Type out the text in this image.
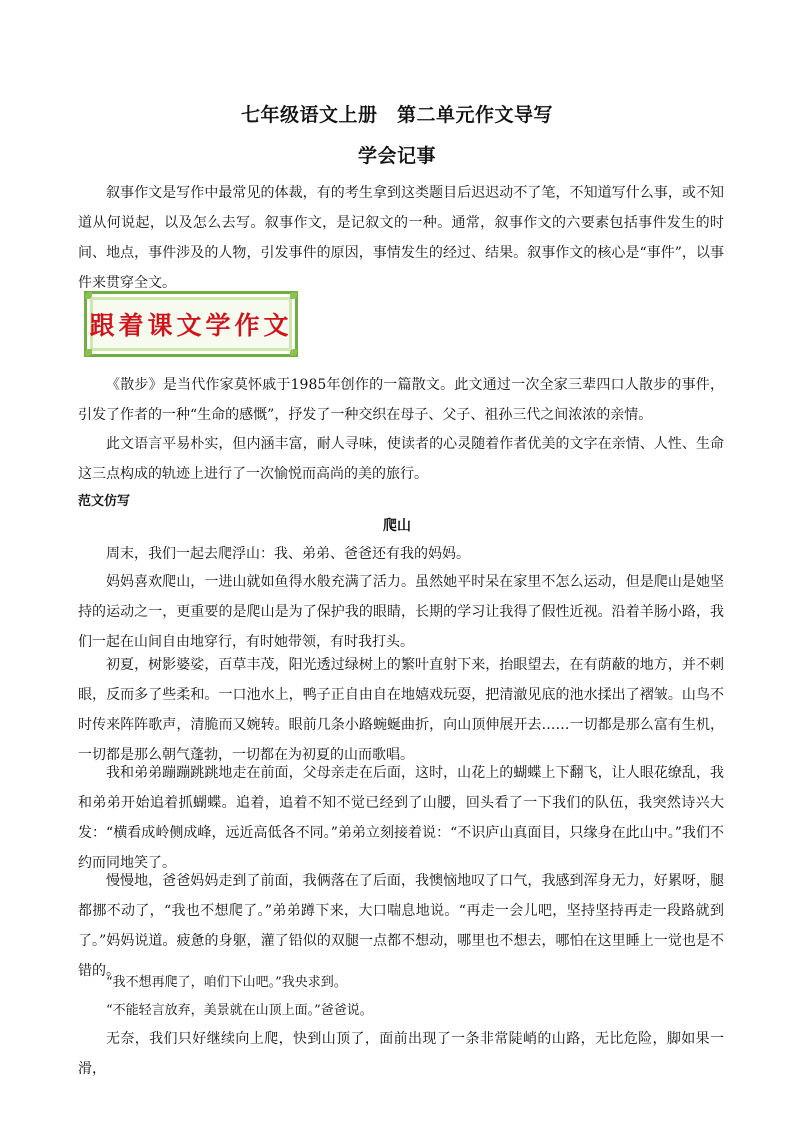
七年级语文上册　第二单元作文导写
学会记事

叙事作文是写作中最常见的体裁，有的考生拿到这类题目后迟迟动不了笔，不知道写什么事，或不知道从何说起，以及怎么去写。叙事作文，是记叙文的一种。通常，叙事作文的六要素包括事件发生的时间、地点，事件涉及的人物，引发事件的原因，事情发生的经过、结果。叙事作文的核心是“事件”，以事件来贯穿全文。

跟着课文学作文

《散步》是当代作家莫怀戚于1985年创作的一篇散文。此文通过一次全家三辈四口人散步的事件，引发了作者的一种“生命的感慨”，抒发了一种交织在母子、父子、祖孙三代之间浓浓的亲情。

此文语言平易朴实，但内涵丰富，耐人寻味，使读者的心灵随着作者优美的文字在亲情、人性、生命这三点构成的轨迹上进行了一次愉悦而高尚的美的旅行。

范文仿写
爬山

周末，我们一起去爬浮山：我、弟弟、爸爸还有我的妈妈。

妈妈喜欢爬山，一进山就如鱼得水般充满了活力。虽然她平时呆在家里不怎么运动，但是爬山是她坚持的运动之一，更重要的是爬山是为了保护我的眼睛，长期的学习让我得了假性近视。沿着羊肠小路，我们一起在山间自由地穿行，有时她带领，有时我打头。

初夏，树影婆娑，百草丰茂，阳光透过绿树上的繁叶直射下来，抬眼望去，在有荫蔽的地方，并不刺眼，反而多了些柔和。一口池水上，鸭子正自由自在地嬉戏玩耍，把清澈见底的池水揉出了褶皱。山鸟不时传来阵阵歌声，清脆而又婉转。眼前几条小路蜿蜒曲折，向山顶伸展开去……一切都是那么富有生机，一切都是那么朝气蓬勃，一切都在为初夏的山而歌唱。

我和弟弟蹦蹦跳跳地走在前面，父母亲走在后面，这时，山花上的蝴蝶上下翻飞，让人眼花缭乱，我和弟弟开始追着抓蝴蝶。追着，追着不知不觉已经到了山腰，回头看了一下我们的队伍，我突然诗兴大发：“横看成岭侧成峰，远近高低各不同。”弟弟立刻接着说：“不识庐山真面目，只缘身在此山中。”我们不约而同地笑了。

慢慢地，爸爸妈妈走到了前面，我俩落在了后面，我懊恼地叹了口气，我感到浑身无力，好累呀，腿都挪不动了，“我也不想爬了。”弟弟蹲下来，大口喘息地说。“再走一会儿吧，坚持坚持再走一段路就到了。”妈妈说道。疲惫的身躯，灌了铅似的双腿一点都不想动，哪里也不想去，哪怕在这里睡上一觉也是不错的。

“我不想再爬了，咱们下山吧。”我央求到。

“不能轻言放弃，美景就在山顶上面。”爸爸说。

无奈，我们只好继续向上爬，快到山顶了，面前出现了一条非常陡峭的山路，无比危险，脚如果一滑，
